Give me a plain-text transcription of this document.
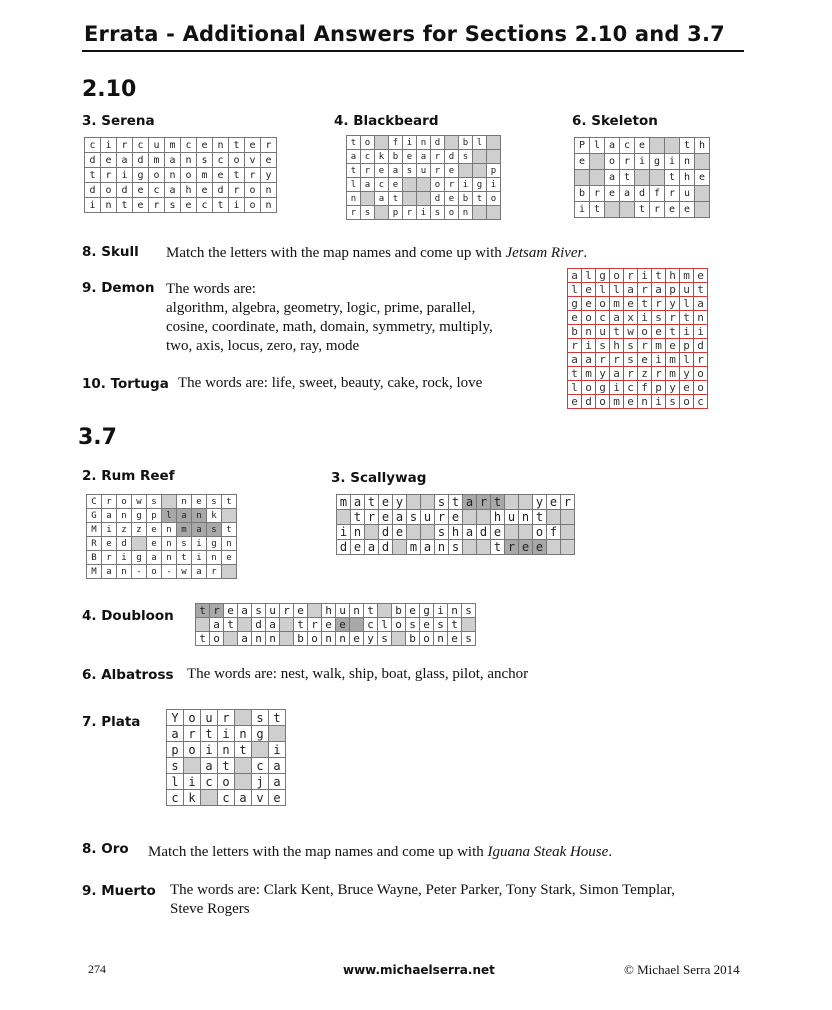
Errata - Additional Answers for Sections 2.10 and 3.7
2.10
3. Serena
c	i	r	c	u	m	c	e	n	t	e	r
d	e	a	d	m	a	n	s	c	o	v	e
t	r	i	g	o	n	o	m	e	t	r	y
d	o	d	e	c	a	h	e	d	r	o	n
i	n	t	e	r	s	e	c	t	i	o	n
4. Blackbeard
t	o		f	i	n	d		b	l	
a	c	k	b	e	a	r	d	s		
t	r	e	a	s	u	r	e			p
l	a	c	e			o	r	i	g	i
n		a	t			d	e	b	t	o
r	s		p	r	i	s	o	n		
6. Skeleton
P	l	a	c	e			t	h
e		o	r	i	g	i	n	
		a	t			t	h	e
b	r	e	a	d	f	r	u	
i	t			t	r	e	e	
8. Skull Match the letters with the map names and come up with Jetsam River.
9. Demon The words are:
algorithm, algebra, geometry, logic, prime, parallel,
cosine, coordinate, math, domain, symmetry, multiply,
two, axis, locus, zero, ray, mode
a	l	g	o	r	i	t	h	m	e
l	e	l	l	a	r	a	p	u	t
g	e	o	m	e	t	r	y	l	a
e	o	c	a	x	i	s	r	t	n
b	n	u	t	w	o	e	t	i	i
r	i	s	h	s	r	m	e	p	d
a	a	r	r	s	e	i	m	l	r
t	m	y	a	r	z	r	m	y	o
l	o	g	i	c	f	p	y	e	o
e	d	o	m	e	n	i	s	o	c
10. Tortuga The words are: life, sweet, beauty, cake, rock, love
3.7
2. Rum Reef
C	r	o	w	s		n	e	s	t
G	a	n	g	p	l	a	n	k	
M	i	z	z	e	n	m	a	s	t
R	e	d		e	n	s	i	g	n
B	r	i	g	a	n	t	i	n	e
M	a	n	-	o	-	w	a	r	
3. Scallywag
m	a	t	e	y			s	t	a	r	t			y	e	r
	t	r	e	a	s	u	r	e			h	u	n	t		
i	n		d	e			s	h	a	d	e			o	f	
d	e	a	d		m	a	n	s			t	r	e	e		
4. Doubloon t	r	e	a	s	u	r	e		h	u	n	t		b	e	g	i	n	s
	a	t		d	a		t	r	e	e		c	l	o	s	e	s	t	
t	o		a	n	n		b	o	n	n	e	y	s		b	o	n	e	s
6. Albatross The words are: nest, walk, ship, boat, glass, pilot, anchor
7. Plata	Y	o	u	r		s	t
a	r	t	i	n	g	
p	o	i	n	t		i
s		a	t		c	a
l	i	c	o		j	a
c	k		c	a	v	e
8. Oro Match the letters with the map names and come up with Iguana Steak House.
9. Muerto The words are: Clark Kent, Bruce Wayne, Peter Parker, Tony Stark, Simon Templar,
Steve Rogers
274	www.michaelserra.net	© Michael Serra 2014
